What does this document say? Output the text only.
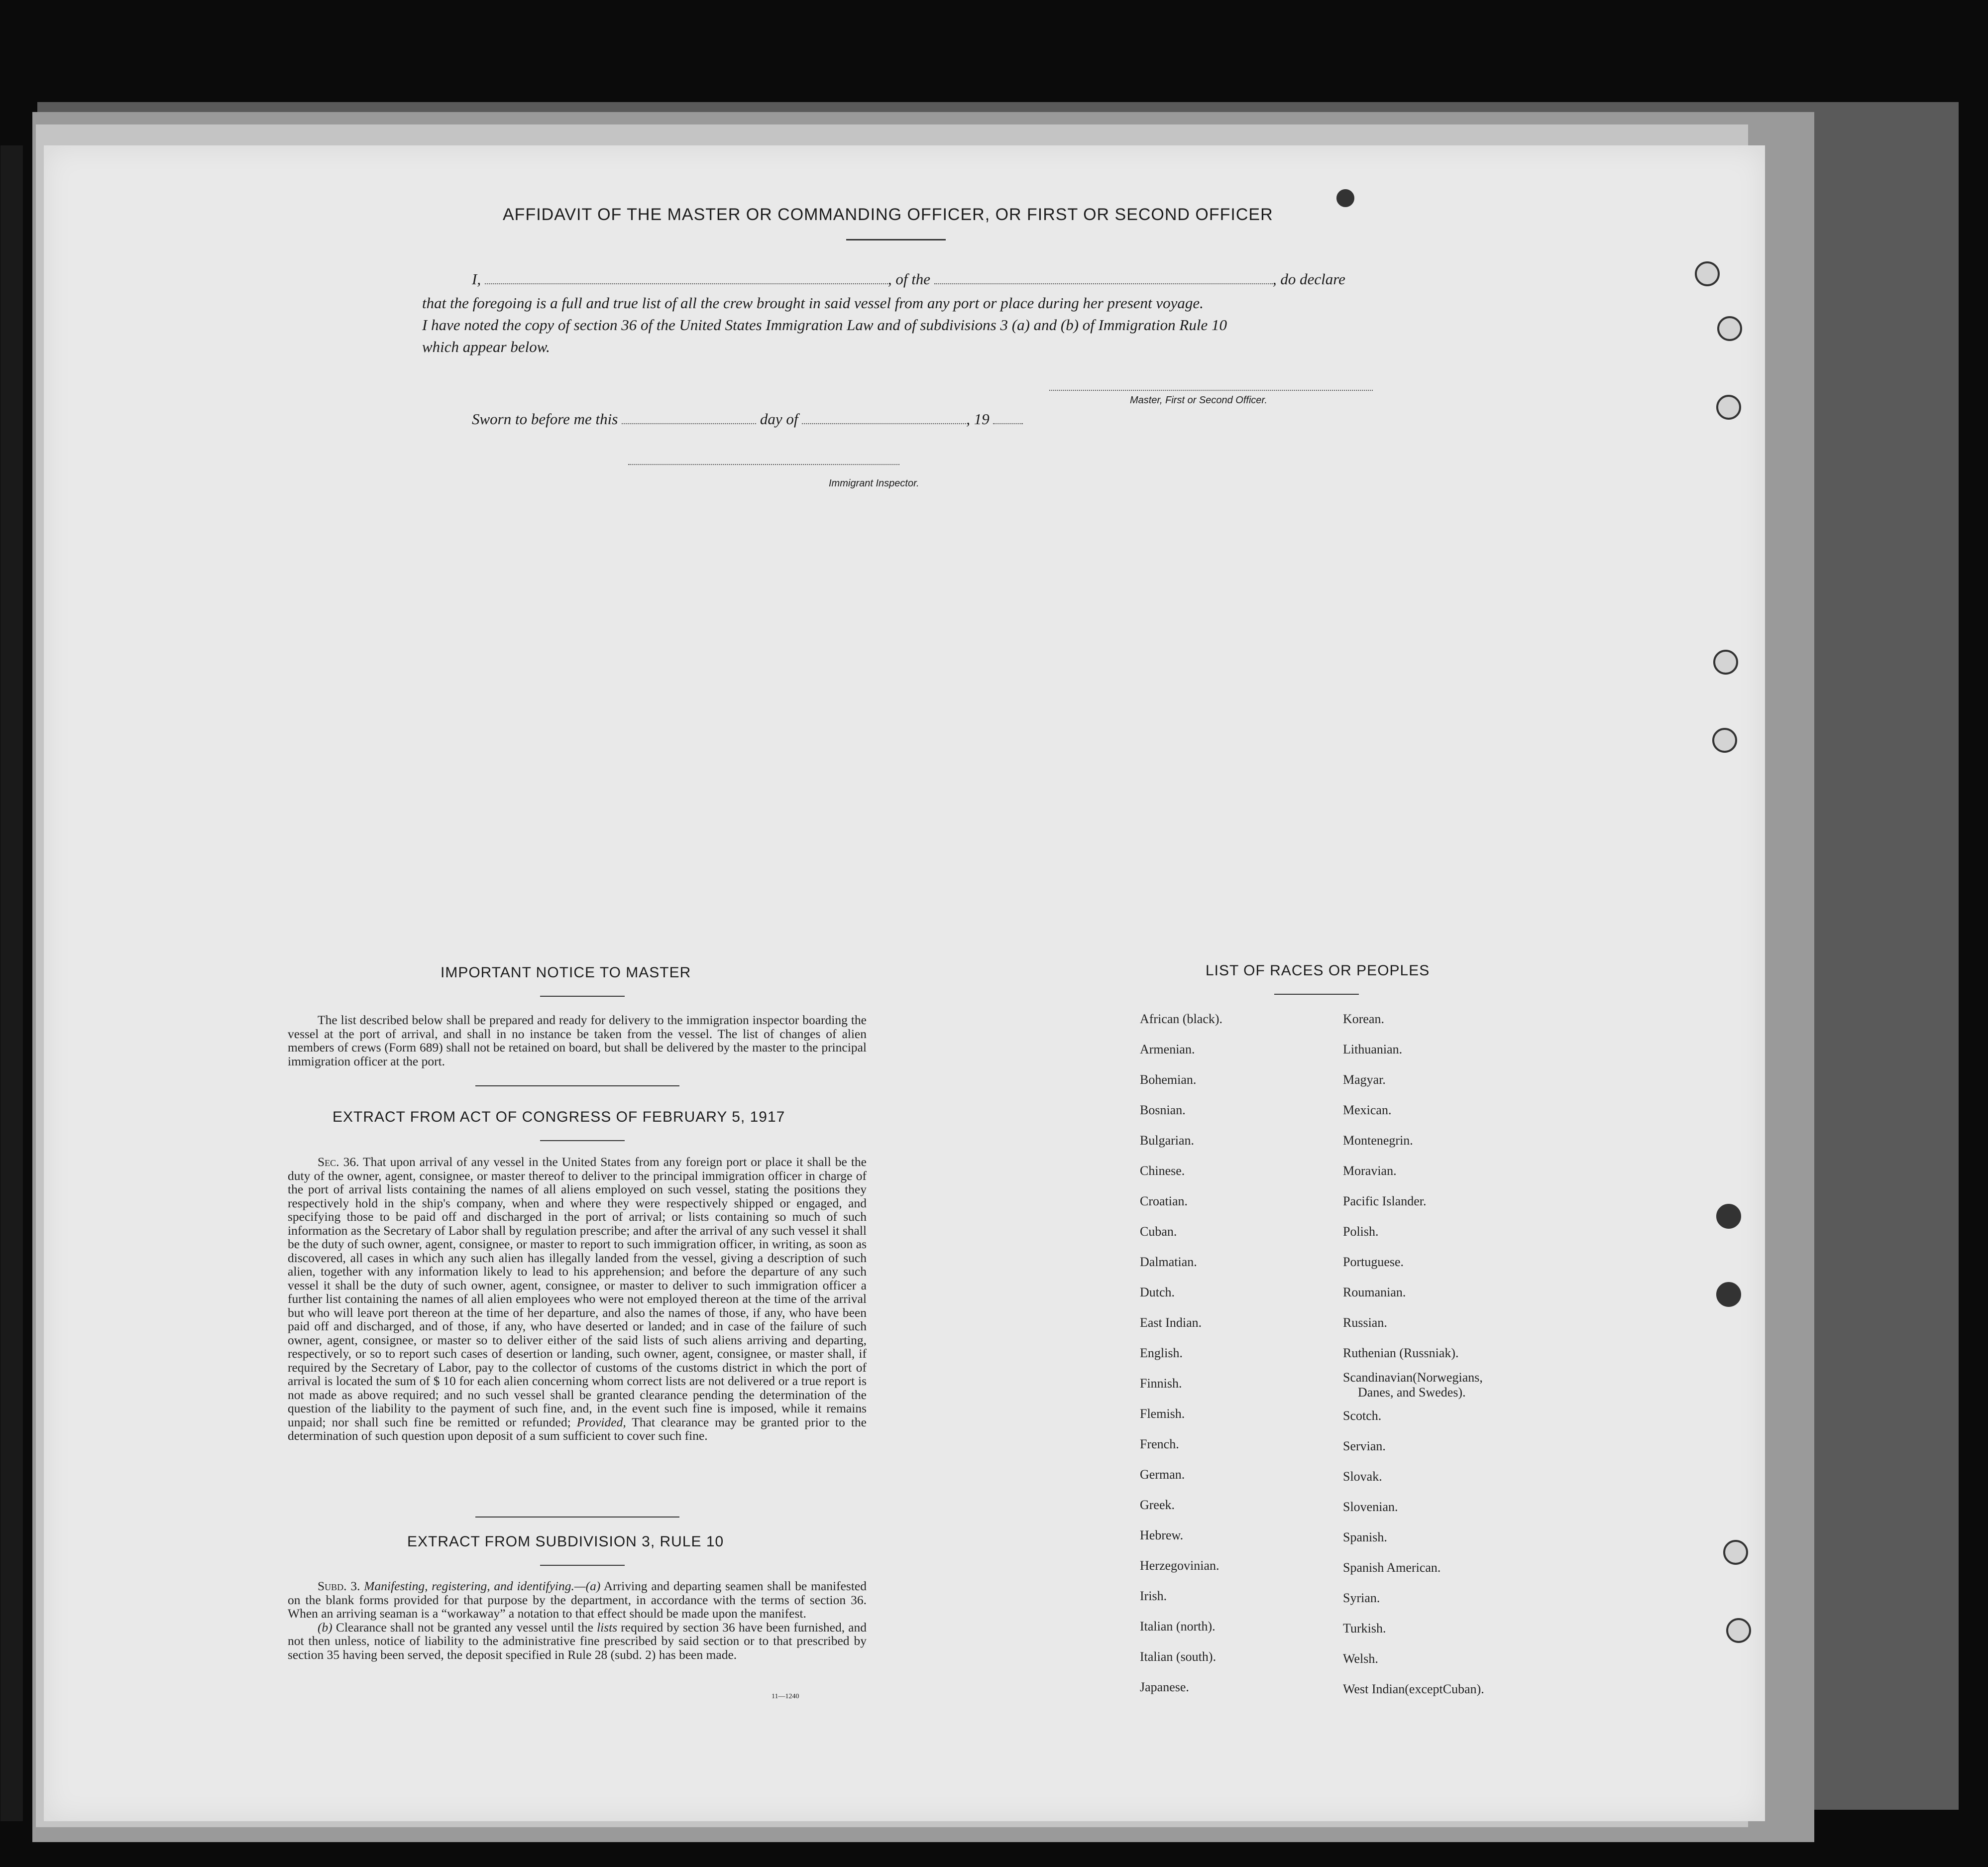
AFFIDAVIT OF THE MASTER OR COMMANDING OFFICER, OR FIRST OR SECOND OFFICER
I,	, of the	, do declare
that the foregoing is a full and true list of all the crew brought in said vessel from any port or place during her present voyage.
I have noted the copy of section 36 of the United States Immigration Law and of subdivisions 3 (a) and (b) of Immigration Rule 10
which appear below.
Master, First or Second Officer.
Sworn to before me this	day of	, 19
Immigrant Inspector.
IMPORTANT NOTICE TO MASTER

The list described below shall be prepared and ready for delivery to the immigration inspector boarding the vessel at the port of arrival, and shall in no instance be taken from the vessel. The list of changes of alien members of crews (Form 689) shall not be retained on board, but shall be delivered by the master to the principal immigration officer at the port.

EXTRACT FROM ACT OF CONGRESS OF FEBRUARY 5, 1917

Sec. 36. That upon arrival of any vessel in the United States from any foreign port or place it shall be the duty of the owner, agent, consignee, or master thereof to deliver to the principal immigration officer in charge of the port of arrival lists containing the names of all aliens employed on such vessel, stating the positions they respectively hold in the ship's company, when and where they were respectively shipped or engaged, and specifying those to be paid off and discharged in the port of arrival; or lists containing so much of such information as the Secretary of Labor shall by regulation prescribe; and after the arrival of any such vessel it shall be the duty of such owner, agent, consignee, or master to report to such immigration officer, in writing, as soon as discovered, all cases in which any such alien has illegally landed from the vessel, giving a description of such alien, together with any information likely to lead to his apprehension; and before the departure of any such vessel it shall be the duty of such owner, agent, consignee, or master to deliver to such immigration officer a further list containing the names of all alien employees who were not employed thereon at the time of the arrival but who will leave port thereon at the time of her departure, and also the names of those, if any, who have been paid off and discharged, and of those, if any, who have deserted or landed; and in case of the failure of such owner, agent, consignee, or master so to deliver either of the said lists of such aliens arriving and departing, respectively, or so to report such cases of desertion or landing, such owner, agent, consignee, or master shall, if required by the Secretary of Labor, pay to the collector of customs of the customs district in which the port of arrival is located the sum of $ 10 for each alien concerning whom correct lists are not delivered or a true report is not made as above required; and no such vessel shall be granted clearance pending the determination of the question of the liability to the payment of such fine, and, in the event such fine is imposed, while it remains unpaid; nor shall such fine be remitted or refunded; Provided, That clearance may be granted prior to the determination of such question upon deposit of a sum sufficient to cover such fine.

EXTRACT FROM SUBDIVISION 3, RULE 10

Subd. 3. Manifesting, registering, and identifying.—(a) Arriving and departing seamen shall be manifested on the blank forms provided for that purpose by the department, in accordance with the terms of section 36. When an arriving seaman is a “workaway” a notation to that effect should be made upon the manifest.

(b) Clearance shall not be granted any vessel until the lists required by section 36 have been furnished, and not then unless, notice of liability to the administrative fine prescribed by said section or to that prescribed by section 35 having been served, the deposit specified in Rule 28 (subd. 2) has been made.

11—1240
LIST OF RACES OR PEOPLES
African (black).
Armenian.
Bohemian.
Bosnian.
Bulgarian.
Chinese.
Croatian.
Cuban.
Dalmatian.
Dutch.
East Indian.
English.
Finnish.
Flemish.
French.
German.
Greek.
Hebrew.
Herzegovinian.
Irish.
Italian (north).
Italian (south).
Japanese.
Korean.
Lithuanian.
Magyar.
Mexican.
Montenegrin.
Moravian.
Pacific Islander.
Polish.
Portuguese.
Roumanian.
Russian.
Ruthenian (Russniak).
Scandinavian(Norwegians,
Danes, and Swedes).
Scotch.
Servian.
Slovak.
Slovenian.
Spanish.
Spanish American.
Syrian.
Turkish.
Welsh.
West Indian(exceptCuban).
